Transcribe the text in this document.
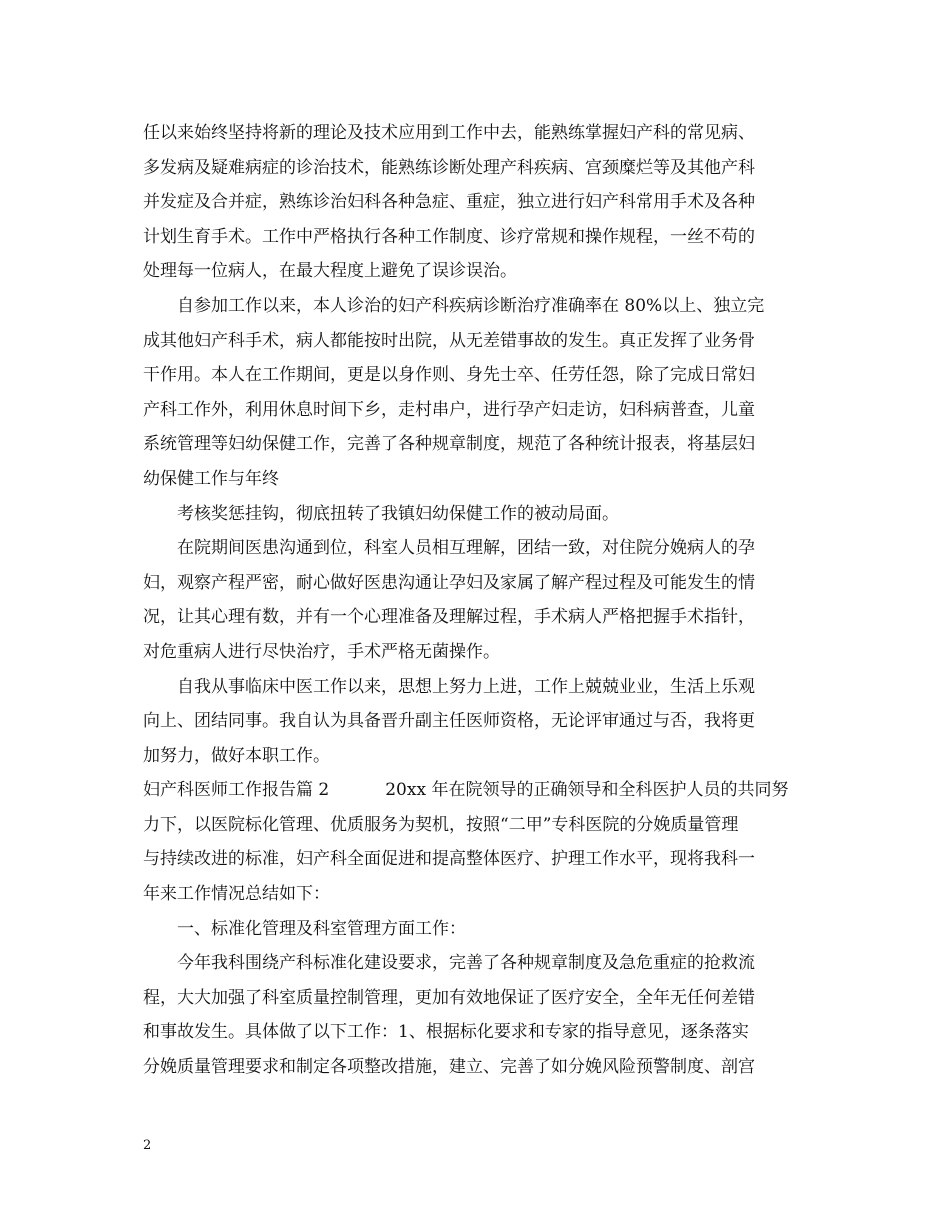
任以来始终坚持将新的理论及技术应用到工作中去，能熟练掌握妇产科的常见病、
多发病及疑难病症的诊治技术，能熟练诊断处理产科疾病、宫颈糜烂等及其他产科
并发症及合并症，熟练诊治妇科各种急症、重症，独立进行妇产科常用手术及各种
计划生育手术。工作中严格执行各种工作制度、诊疗常规和操作规程，一丝不苟的
处理每一位病人，在最大程度上避免了误诊误治。
自参加工作以来，本人诊治的妇产科疾病诊断治疗准确率在 80%以上、独立完
成其他妇产科手术，病人都能按时出院，从无差错事故的发生。真正发挥了业务骨
干作用。本人在工作期间，更是以身作则、身先士卒、任劳任怨，除了完成日常妇
产科工作外，利用休息时间下乡，走村串户，进行孕产妇走访，妇科病普查，儿童
系统管理等妇幼保健工作，完善了各种规章制度，规范了各种统计报表，将基层妇
幼保健工作与年终
考核奖惩挂钩，彻底扭转了我镇妇幼保健工作的被动局面。
在院期间医患沟通到位，科室人员相互理解，团结一致，对住院分娩病人的孕
妇，观察产程严密，耐心做好医患沟通让孕妇及家属了解产程过程及可能发生的情
况，让其心理有数，并有一个心理准备及理解过程，手术病人严格把握手术指针，
对危重病人进行尽快治疗，手术严格无菌操作。
自我从事临床中医工作以来，思想上努力上进，工作上兢兢业业，生活上乐观
向上、团结同事。我自认为具备晋升副主任医师资格，无论评审通过与否，我将更
加努力，做好本职工作。
妇产科医师工作报告篇 2	20xx 年在院领导的正确领导和全科医护人员的共同努
力下，以医院标化管理、优质服务为契机，按照“二甲”专科医院的分娩质量管理
与持续改进的标准，妇产科全面促进和提高整体医疗、护理工作水平，现将我科一
年来工作情况总结如下：
一、标准化管理及科室管理方面工作：
今年我科围绕产科标准化建设要求，完善了各种规章制度及急危重症的抢救流
程，大大加强了科室质量控制管理，更加有效地保证了医疗安全，全年无任何差错
和事故发生。具体做了以下工作：1、根据标化要求和专家的指导意见，逐条落实
分娩质量管理要求和制定各项整改措施，建立、完善了如分娩风险预警制度、剖宫
2
